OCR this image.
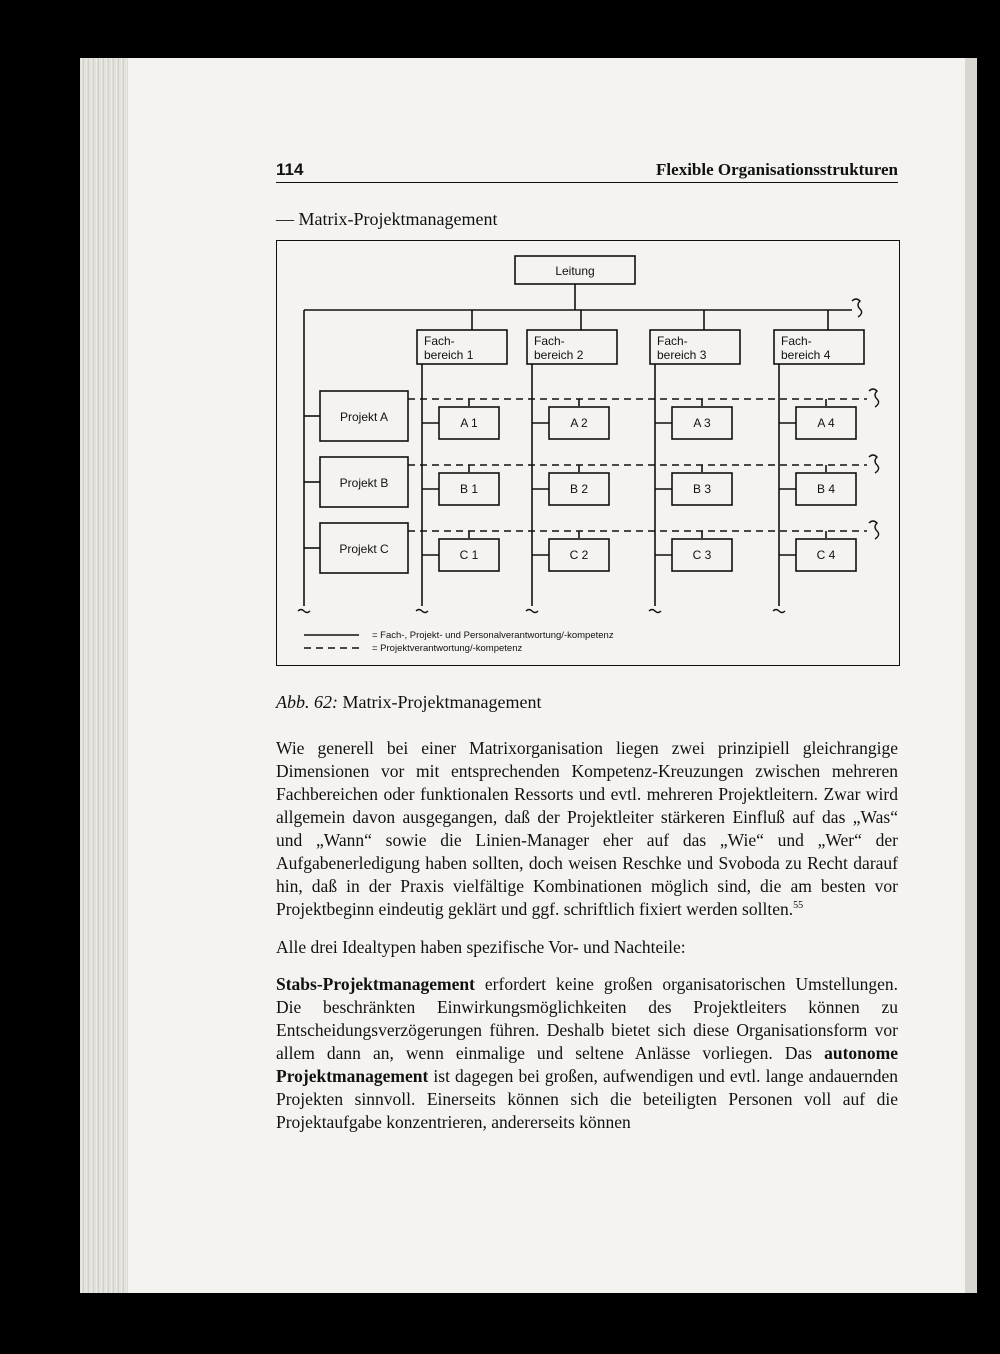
114	Flexible Organisationsstrukturen
— Matrix-Projektmanagement
Leitung
Fach-
bereich 1
Fach-
bereich 2
Fach-
bereich 3
Fach-
bereich 4
Projekt A	A 1	A 2	A 3	A 4
Projekt B	B 1	B 2	B 3	B 4
Projekt C	C 1	C 2	C 3	C 4
= Fach-, Projekt- und Personalverantwortung/-kompetenz
= Projektverantwortung/-kompetenz
Abb. 62: Matrix-Projektmanagement
Wie generell bei einer Matrixorganisation liegen zwei prinzipiell gleichrangige Dimensionen vor mit entsprechenden Kompetenz-Kreuzungen zwischen mehreren Fachbereichen oder funktionalen Ressorts und evtl. mehreren Projektleitern. Zwar wird allgemein davon ausgegangen, daß der Projektleiter stärkeren Einfluß auf das „Was“ und „Wann“ sowie die Linien-Manager eher auf das „Wie“ und „Wer“ der Aufgabenerledigung haben sollten, doch weisen Reschke und Svoboda zu Recht darauf hin, daß in der Praxis vielfältige Kombinationen möglich sind, die am besten vor Projektbeginn eindeutig geklärt und ggf. schriftlich fixiert werden sollten.$^{55}$
Alle drei Idealtypen haben spezifische Vor- und Nachteile:
Stabs-Projektmanagement erfordert keine großen organisatorischen Umstellungen. Die beschränkten Einwirkungsmöglichkeiten des Projektleiters können zu Entscheidungsverzögerungen führen. Deshalb bietet sich diese Organisationsform vor allem dann an, wenn einmalige und seltene Anlässe vorliegen. Das autonome Projektmanagement ist dagegen bei großen, aufwendigen und evtl. lange andauernden Projekten sinnvoll. Einerseits können sich die beteiligten Personen voll auf die Projektaufgabe konzentrieren, andererseits können
